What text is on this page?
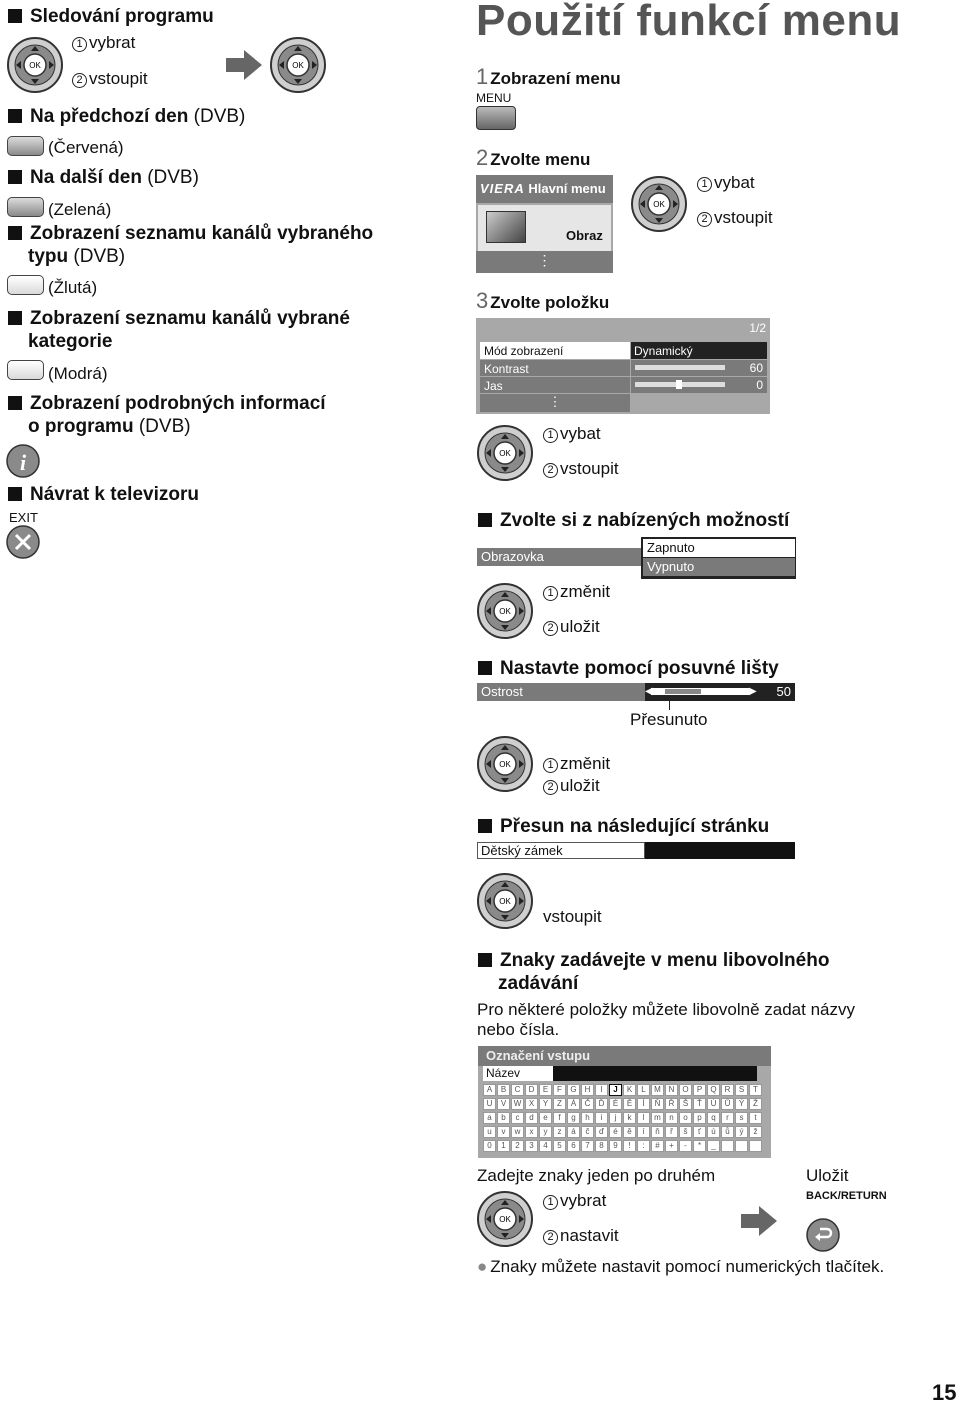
Sledování programu
OK
1 vybrat
2 vstoupit
OK
Na předchozí den (DVB)
(Červená)
Na další den (DVB)
(Zelená)
Zobrazení seznamu kanálů vybraného
typu (DVB)
(Žlutá)
Zobrazení seznamu kanálů vybrané
kategorie
(Modrá)
Zobrazení podrobných informací
o programu (DVB)
i
Návrat k televizoru
EXIT
Použití funkcí menu
1 Zobrazení menu
MENU
2 Zvolte menu
VIERA Hlavní menu
Obraz
⋮
OK
1 vybat
2 vstoupit
3 Zvolte položku
1/2
Mód zobrazení	Dynamický
Kontrast	60
Jas	0
⋮
OK
1 vybat
2 vstoupit
Zvolte si z nabízených možností
Obrazovka
Zapnuto
Vypnuto
OK
1 změnit
2 uložit
Nastavte pomocí posuvné lišty
Ostrost	◀	▶ 50
Přesunuto
OK	1 změnit
2 uložit
Přesun na následující stránku
Dětský zámek
OK
vstoupit
Znaky zadávejte v menu libovolného
zadávání
Pro některé položky můžete libovolně zadat názvy
nebo čísla.
Označení vstupu
Název
A	B	C	D	E	F	G	H	I	J	K	L	M N O	P	Q	R	S	T
U	V W X	Y	Z	Á	Č	Ď	É	Ě	Í	Ň	Ř	Š	Ť	Ú	Ů	Ý	Ž
a	b	c	d	e	f	g	h	i	j	k	l	m	n	o	p	q	r	s	t
u	v	w	x	y	z	á	č	ď	é	ě	í	ň	ř	š	ť	ú	ů	ý	ž
0	1	2	3	4	5	6	7	8	9	!	:	#	+	-	*	_
Zadejte znaky jeden po druhém	Uložit
OK
1 vybrat
2 nastavit
BACK/RETURN
● Znaky můžete nastavit pomocí numerických tlačítek.
15
